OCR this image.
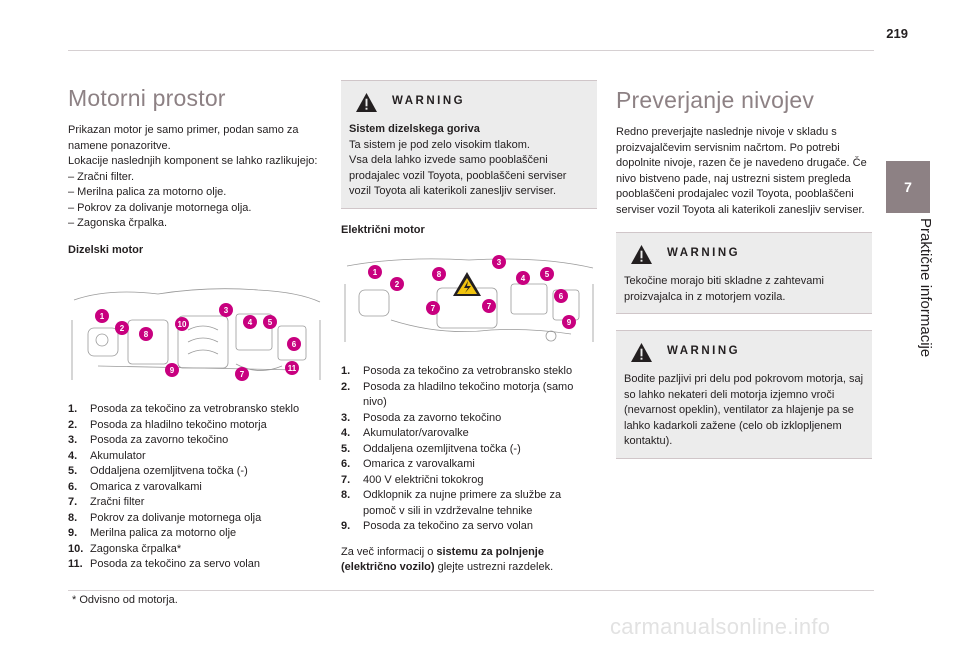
219
7
Praktične informacije
Motorni prostor
Prikazan motor je samo primer, podan samo za namene ponazoritve.
Lokacije naslednjih komponent se lahko razlikujejo:
– Zračni filter.
– Merilna palica za motorno olje.
– Pokrov za dolivanje motornega olja.
– Zagonska črpalka.
Dizelski motor
1
2
8
10
3
4 5
6
9	7
11
1.	Posoda za tekočino za vetrobransko steklo
2.	Posoda za hladilno tekočino motorja
3.	Posoda za zavorno tekočino
4.	Akumulator
5.	Oddaljena ozemljitvena točka (-)
6.	Omarica z varovalkami
7.	Zračni filter
8.	Pokrov za dolivanje motornega olja
9.	Merilna palica za motorno olje
10. Zagonska črpalka*
11. Posoda za tekočino za servo volan
WARNING
Sistem dizelskega goriva
Ta sistem je pod zelo visokim tlakom.
Vsa dela lahko izvede samo pooblaščeni prodajalec vozil Toyota, pooblaščeni serviser vozil Toyota ali katerikoli zanesljiv serviser.
Električni motor
1
2
8
3
4 5
6
7	7
9
1.	Posoda za tekočino za vetrobransko steklo
2.	Posoda za hladilno tekočino motorja (samo nivo)
3.	Posoda za zavorno tekočino
4.	Akumulator/varovalke
5.	Oddaljena ozemljitvena točka (-)
6.	Omarica z varovalkami
7.	400 V električni tokokrog
8.	Odklopnik za nujne primere za službe za pomoč v sili in vzdrževalne tehnike
9.	Posoda za tekočino za servo volan

Za več informacij o sistemu za polnjenje (električno vozilo) glejte ustrezni razdelek.

Preverjanje nivojev
Redno preverjajte naslednje nivoje v skladu s proizvajalčevim servisnim načrtom. Po potrebi dopolnite nivoje, razen če je navedeno drugače. Če nivo bistveno pade, naj ustrezni sistem pregleda pooblaščeni prodajalec vozil Toyota, pooblaščeni serviser vozil Toyota ali katerikoli zanesljiv serviser.
WARNING
Tekočine morajo biti skladne z zahtevami proizvajalca in z motorjem vozila.
WARNING
Bodite pazljivi pri delu pod pokrovom motorja, saj so lahko nekateri deli motorja izjemno vroči (nevarnost opeklin), ventilator za hlajenje pa se lahko kadarkoli zažene (celo ob izklopljenem kontaktu).
* Odvisno od motorja.
carmanualsonline.info
